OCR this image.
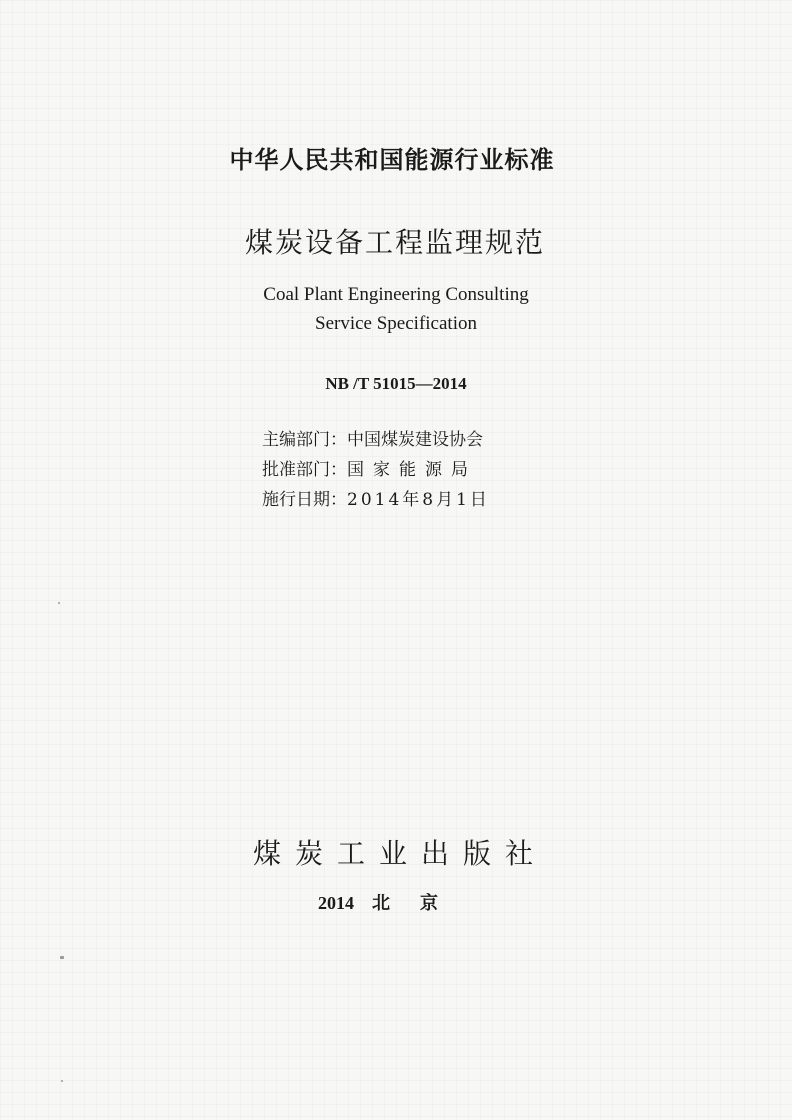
中华人民共和国能源行业标准
煤炭设备工程监理规范
Coal Plant Engineering Consulting
Service Specification
NB /T 51015—2014
主编部门：中国煤炭建设协会
批准部门：国家能源局
施行日期：2014年8月1日
煤炭工业出版社
2014 北京
